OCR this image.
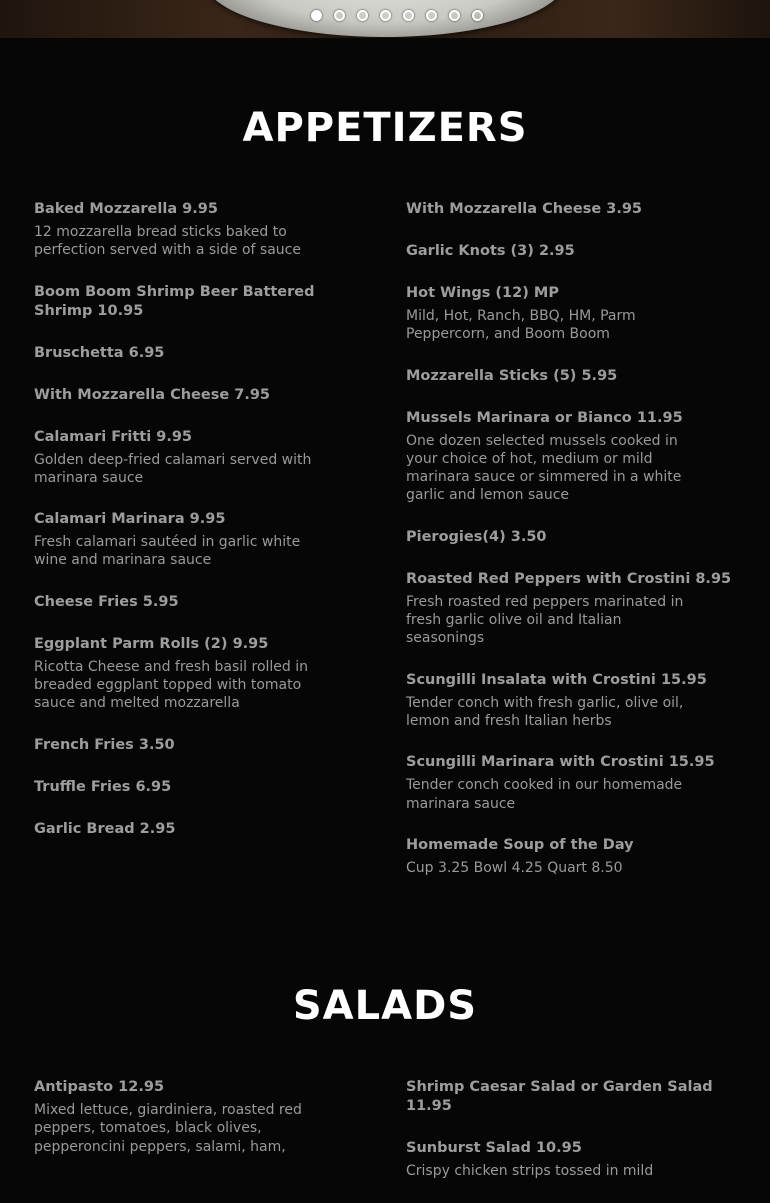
APPETIZERS

Baked Mozzarella 9.95

12 mozzarella bread sticks baked to perfection served with a side of sauce

Boom Boom Shrimp Beer Battered Shrimp 10.95

Bruschetta 6.95

With Mozzarella Cheese 7.95

Calamari Fritti 9.95

Golden deep-fried calamari served with marinara sauce

Calamari Marinara 9.95

Fresh calamari sautéed in garlic white wine and marinara sauce

Cheese Fries 5.95

Eggplant Parm Rolls (2) 9.95

Ricotta Cheese and fresh basil rolled in breaded eggplant topped with tomato sauce and melted mozzarella

French Fries 3.50

Truffle Fries 6.95

Garlic Bread 2.95

With Mozzarella Cheese 3.95

Garlic Knots (3) 2.95

Hot Wings (12) MP

Mild, Hot, Ranch, BBQ, HM, Parm Peppercorn, and Boom Boom

Mozzarella Sticks (5) 5.95

Mussels Marinara or Bianco 11.95

One dozen selected mussels cooked in your choice of hot, medium or mild marinara sauce or simmered in a white garlic and lemon sauce

Pierogies(4) 3.50

Roasted Red Peppers with Crostini 8.95

Fresh roasted red peppers marinated in fresh garlic olive oil and Italian seasonings

Scungilli Insalata with Crostini 15.95

Tender conch with fresh garlic, olive oil, lemon and fresh Italian herbs

Scungilli Marinara with Crostini 15.95

Tender conch cooked in our homemade marinara sauce

Homemade Soup of the Day

Cup 3.25 Bowl 4.25 Quart 8.50

SALADS

Antipasto 12.95

Mixed lettuce, giardiniera, roasted red peppers, tomatoes, black olives, pepperoncini peppers, salami, ham,

Shrimp Caesar Salad or Garden Salad 11.95

Sunburst Salad 10.95

Crispy chicken strips tossed in mild
